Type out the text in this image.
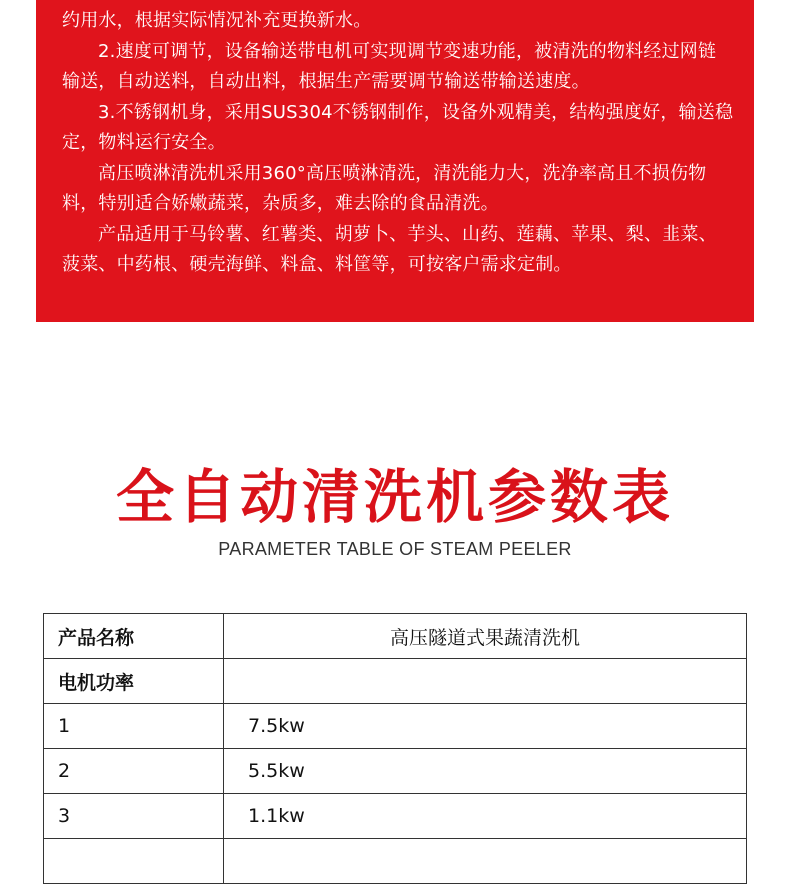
约用水，根据实际情况补充更换新水。

2.速度可调节，设备输送带电机可实现调节变速功能，被清洗的物料经过网链输送，自动送料，自动出料，根据生产需要调节输送带输送速度。

3.不锈钢机身，采用SUS304不锈钢制作，设备外观精美，结构强度好，输送稳定，物料运行安全。

高压喷淋清洗机采用360°高压喷淋清洗，清洗能力大，洗净率高且不损伤物料，特别适合娇嫩蔬菜，杂质多，难去除的食品清洗。

产品适用于马铃薯、红薯类、胡萝卜、芋头、山药、莲藕、苹果、梨、韭菜、菠菜、中药根、硬壳海鲜、料盒、料筐等，可按客户需求定制。

全自动清洗机参数表
PARAMETER TABLE OF STEAM PEELER
产品名称	高压隧道式果蔬清洗机
电机功率	
1	7.5kw
2	5.5kw
3	1.1kw
